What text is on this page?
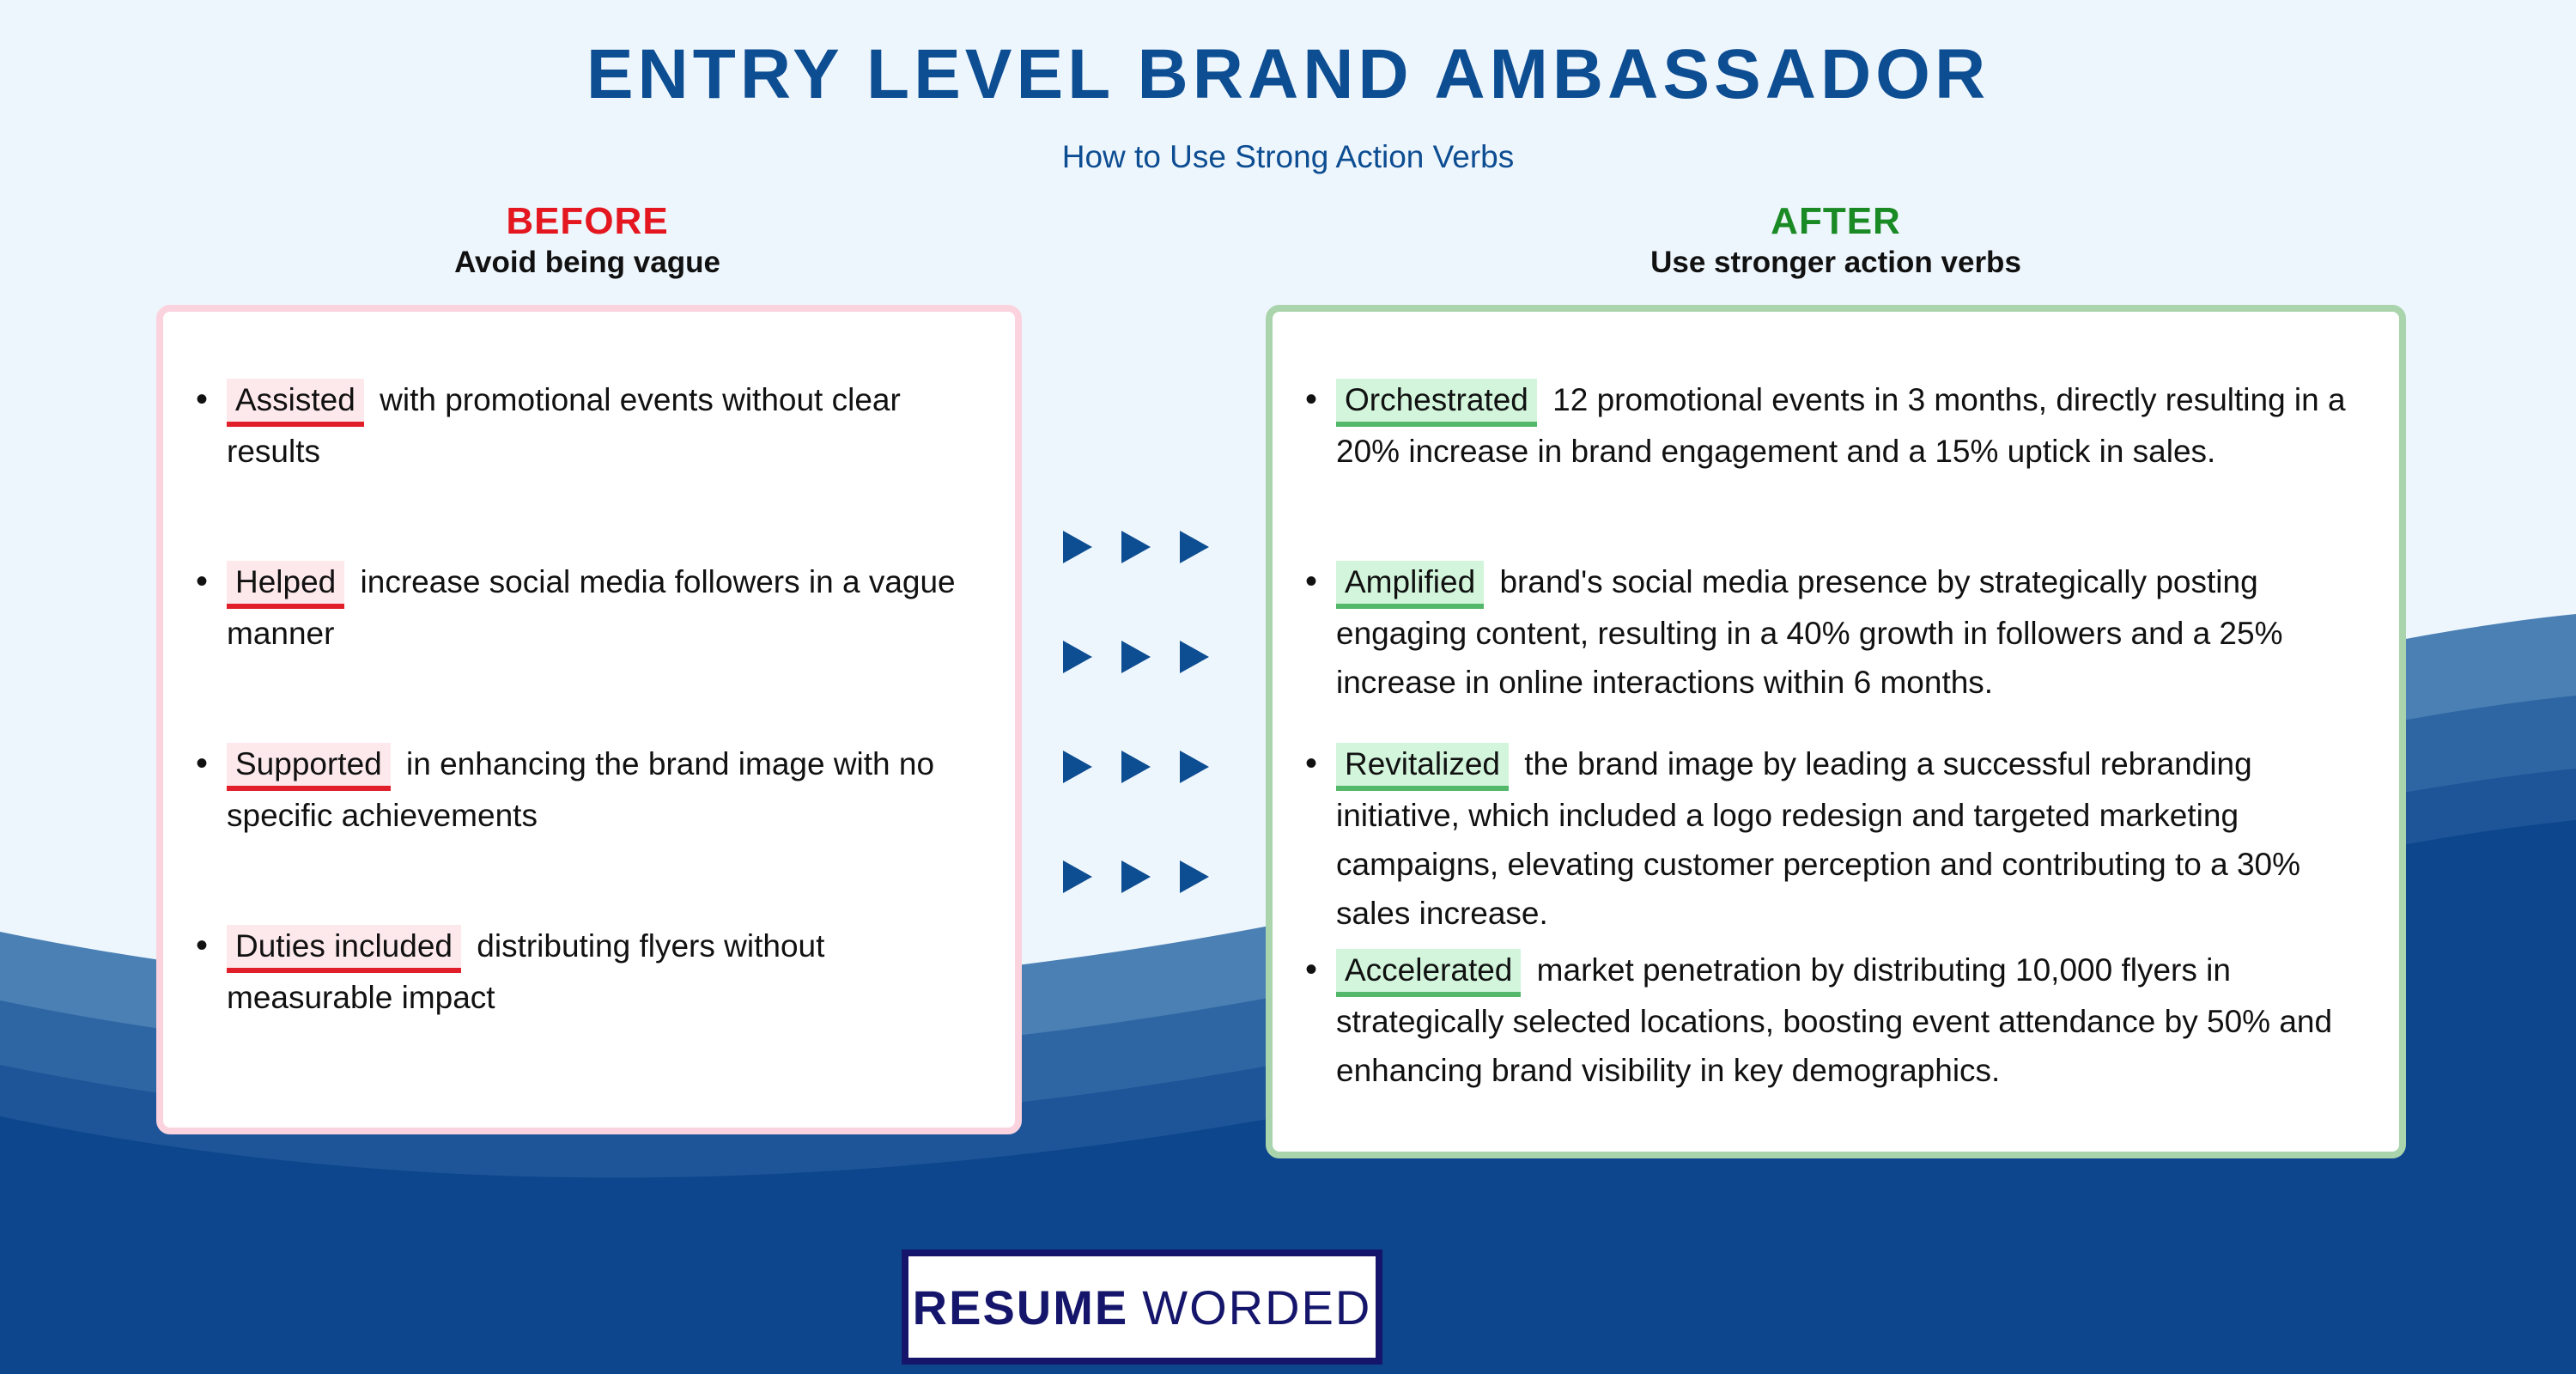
ENTRY LEVEL BRAND AMBASSADOR
How to Use Strong Action Verbs
BEFORE
Avoid being vague
AFTER
Use stronger action verbs
• Assisted with promotional events without clear results
• Helped increase social media followers in a vague manner
• Supported in enhancing the brand image with no specific achievements
• Duties included distributing flyers without measurable impact
• Orchestrated 12 promotional events in 3 months, directly resulting in a 20% increase in brand engagement and a 15% uptick in sales.
• Amplified brand's social media presence by strategically posting engaging content, resulting in a 40% growth in followers and a 25% increase in online interactions within 6 months.
• Revitalized the brand image by leading a successful rebranding initiative, which included a logo redesign and targeted marketing campaigns, elevating customer perception and contributing to a 30% sales increase.
• Accelerated market penetration by distributing 10,000 flyers in strategically selected locations, boosting event attendance by 50% and enhancing brand visibility in key demographics.
RESUME WORDED
